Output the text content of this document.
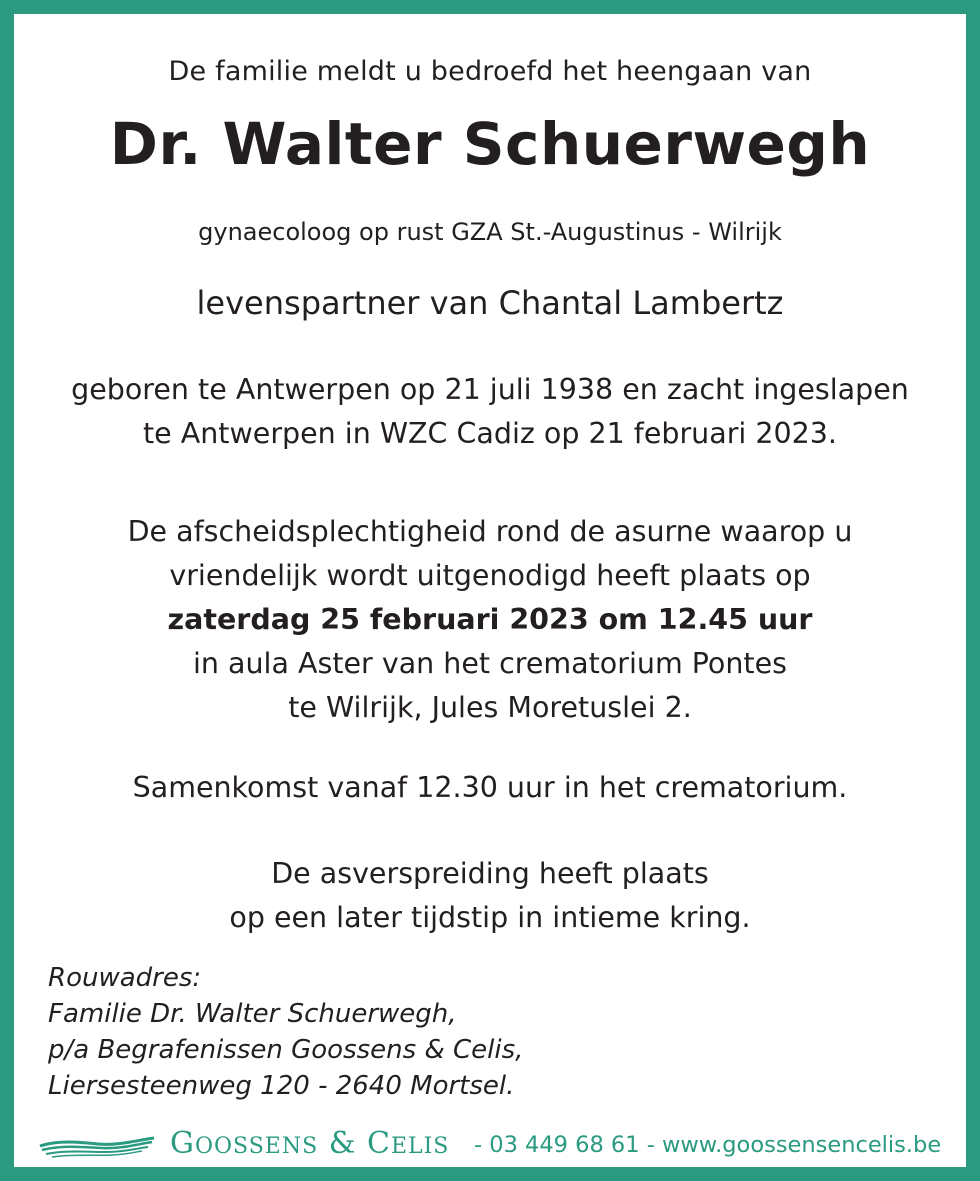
De familie meldt u bedroefd het heengaan van
Dr. Walter Schuerwegh
gynaecoloog op rust GZA St.-Augustinus - Wilrijk
levenspartner van Chantal Lambertz
geboren te Antwerpen op 21 juli 1938 en zacht ingeslapen
te Antwerpen in WZC Cadiz op 21 februari 2023.
De afscheidsplechtigheid rond de asurne waarop u
vriendelijk wordt uitgenodigd heeft plaats op
zaterdag 25 februari 2023 om 12.45 uur
in aula Aster van het crematorium Pontes
te Wilrijk, Jules Moretuslei 2.
Samenkomst vanaf 12.30 uur in het crematorium.
De asverspreiding heeft plaats
op een later tijdstip in intieme kring.
Rouwadres:
Familie Dr. Walter Schuerwegh,
p/a Begrafenissen Goossens & Celis,
Liersesteenweg 120 - 2640 Mortsel.
GOOSSENS & CELIS - 03 449 68 61 - www.goossensencelis.be
